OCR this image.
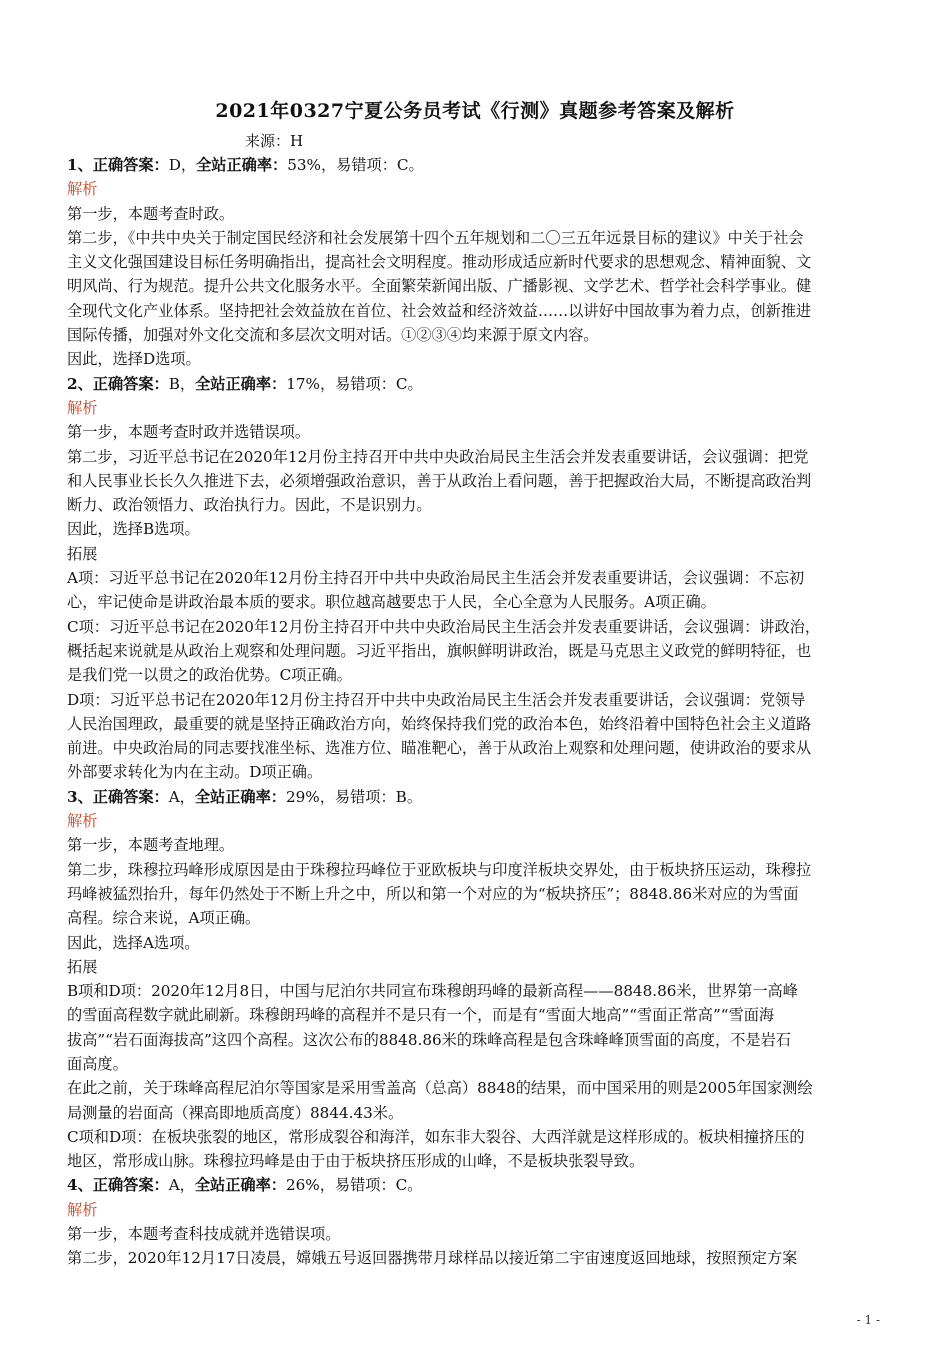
2021年0327宁夏公务员考试《行测》真题参考答案及解析
来源：H
1、正确答案：D，全站正确率：53%，易错项：C。
解析
第一步，本题考查时政。
第二步，《中共中央关于制定国民经济和社会发展第十四个五年规划和二〇三五年远景目标的建议》中关于社会
主义文化强国建设目标任务明确指出，提高社会文明程度。推动形成适应新时代要求的思想观念、精神面貌、文
明风尚、行为规范。提升公共文化服务水平。全面繁荣新闻出版、广播影视、文学艺术、哲学社会科学事业。健
全现代文化产业体系。坚持把社会效益放在首位、社会效益和经济效益……以讲好中国故事为着力点，创新推进
国际传播，加强对外文化交流和多层次文明对话。①②③④均来源于原文内容。
因此，选择D选项。
2、正确答案：B，全站正确率：17%，易错项：C。
解析
第一步，本题考查时政并选错误项。
第二步，习近平总书记在2020年12月份主持召开中共中央政治局民主生活会并发表重要讲话，会议强调：把党
和人民事业长长久久推进下去，必须增强政治意识，善于从政治上看问题，善于把握政治大局，不断提高政治判
断力、政治领悟力、政治执行力。因此，不是识别力。
因此，选择B选项。
拓展
A项：习近平总书记在2020年12月份主持召开中共中央政治局民主生活会并发表重要讲话，会议强调：不忘初
心，牢记使命是讲政治最本质的要求。职位越高越要忠于人民，全心全意为人民服务。A项正确。
C项：习近平总书记在2020年12月份主持召开中共中央政治局民主生活会并发表重要讲话，会议强调：讲政治，
概括起来说就是从政治上观察和处理问题。习近平指出，旗帜鲜明讲政治，既是马克思主义政党的鲜明特征，也
是我们党一以贯之的政治优势。C项正确。
D项：习近平总书记在2020年12月份主持召开中共中央政治局民主生活会并发表重要讲话，会议强调：党领导
人民治国理政，最重要的就是坚持正确政治方向，始终保持我们党的政治本色，始终沿着中国特色社会主义道路
前进。中央政治局的同志要找准坐标、选准方位、瞄准靶心，善于从政治上观察和处理问题，使讲政治的要求从
外部要求转化为内在主动。D项正确。
3、正确答案：A，全站正确率：29%，易错项：B。
解析
第一步，本题考查地理。
第二步，珠穆拉玛峰形成原因是由于珠穆拉玛峰位于亚欧板块与印度洋板块交界处，由于板块挤压运动，珠穆拉
玛峰被猛烈抬升，每年仍然处于不断上升之中，所以和第一个对应的为“板块挤压”；8848.86米对应的为雪面
高程。综合来说，A项正确。
因此，选择A选项。
拓展
B项和D项：2020年12月8日，中国与尼泊尔共同宣布珠穆朗玛峰的最新高程——8848.86米，世界第一高峰
的雪面高程数字就此刷新。珠穆朗玛峰的高程并不是只有一个，而是有“雪面大地高”“雪面正常高”“雪面海
拔高”“岩石面海拔高”这四个高程。这次公布的8848.86米的珠峰高程是包含珠峰峰顶雪面的高度，不是岩石
面高度。
在此之前，关于珠峰高程尼泊尔等国家是采用雪盖高（总高）8848的结果，而中国采用的则是2005年国家测绘
局测量的岩面高（裸高即地质高度）8844.43米。
C项和D项：在板块张裂的地区，常形成裂谷和海洋，如东非大裂谷、大西洋就是这样形成的。板块相撞挤压的
地区，常形成山脉。珠穆拉玛峰是由于由于板块挤压形成的山峰，不是板块张裂导致。
4、正确答案：A，全站正确率：26%，易错项：C。
解析
第一步，本题考查科技成就并选错误项。
第二步，2020年12月17日凌晨，嫦娥五号返回器携带月球样品以接近第二宇宙速度返回地球，按照预定方案
- 1 -
